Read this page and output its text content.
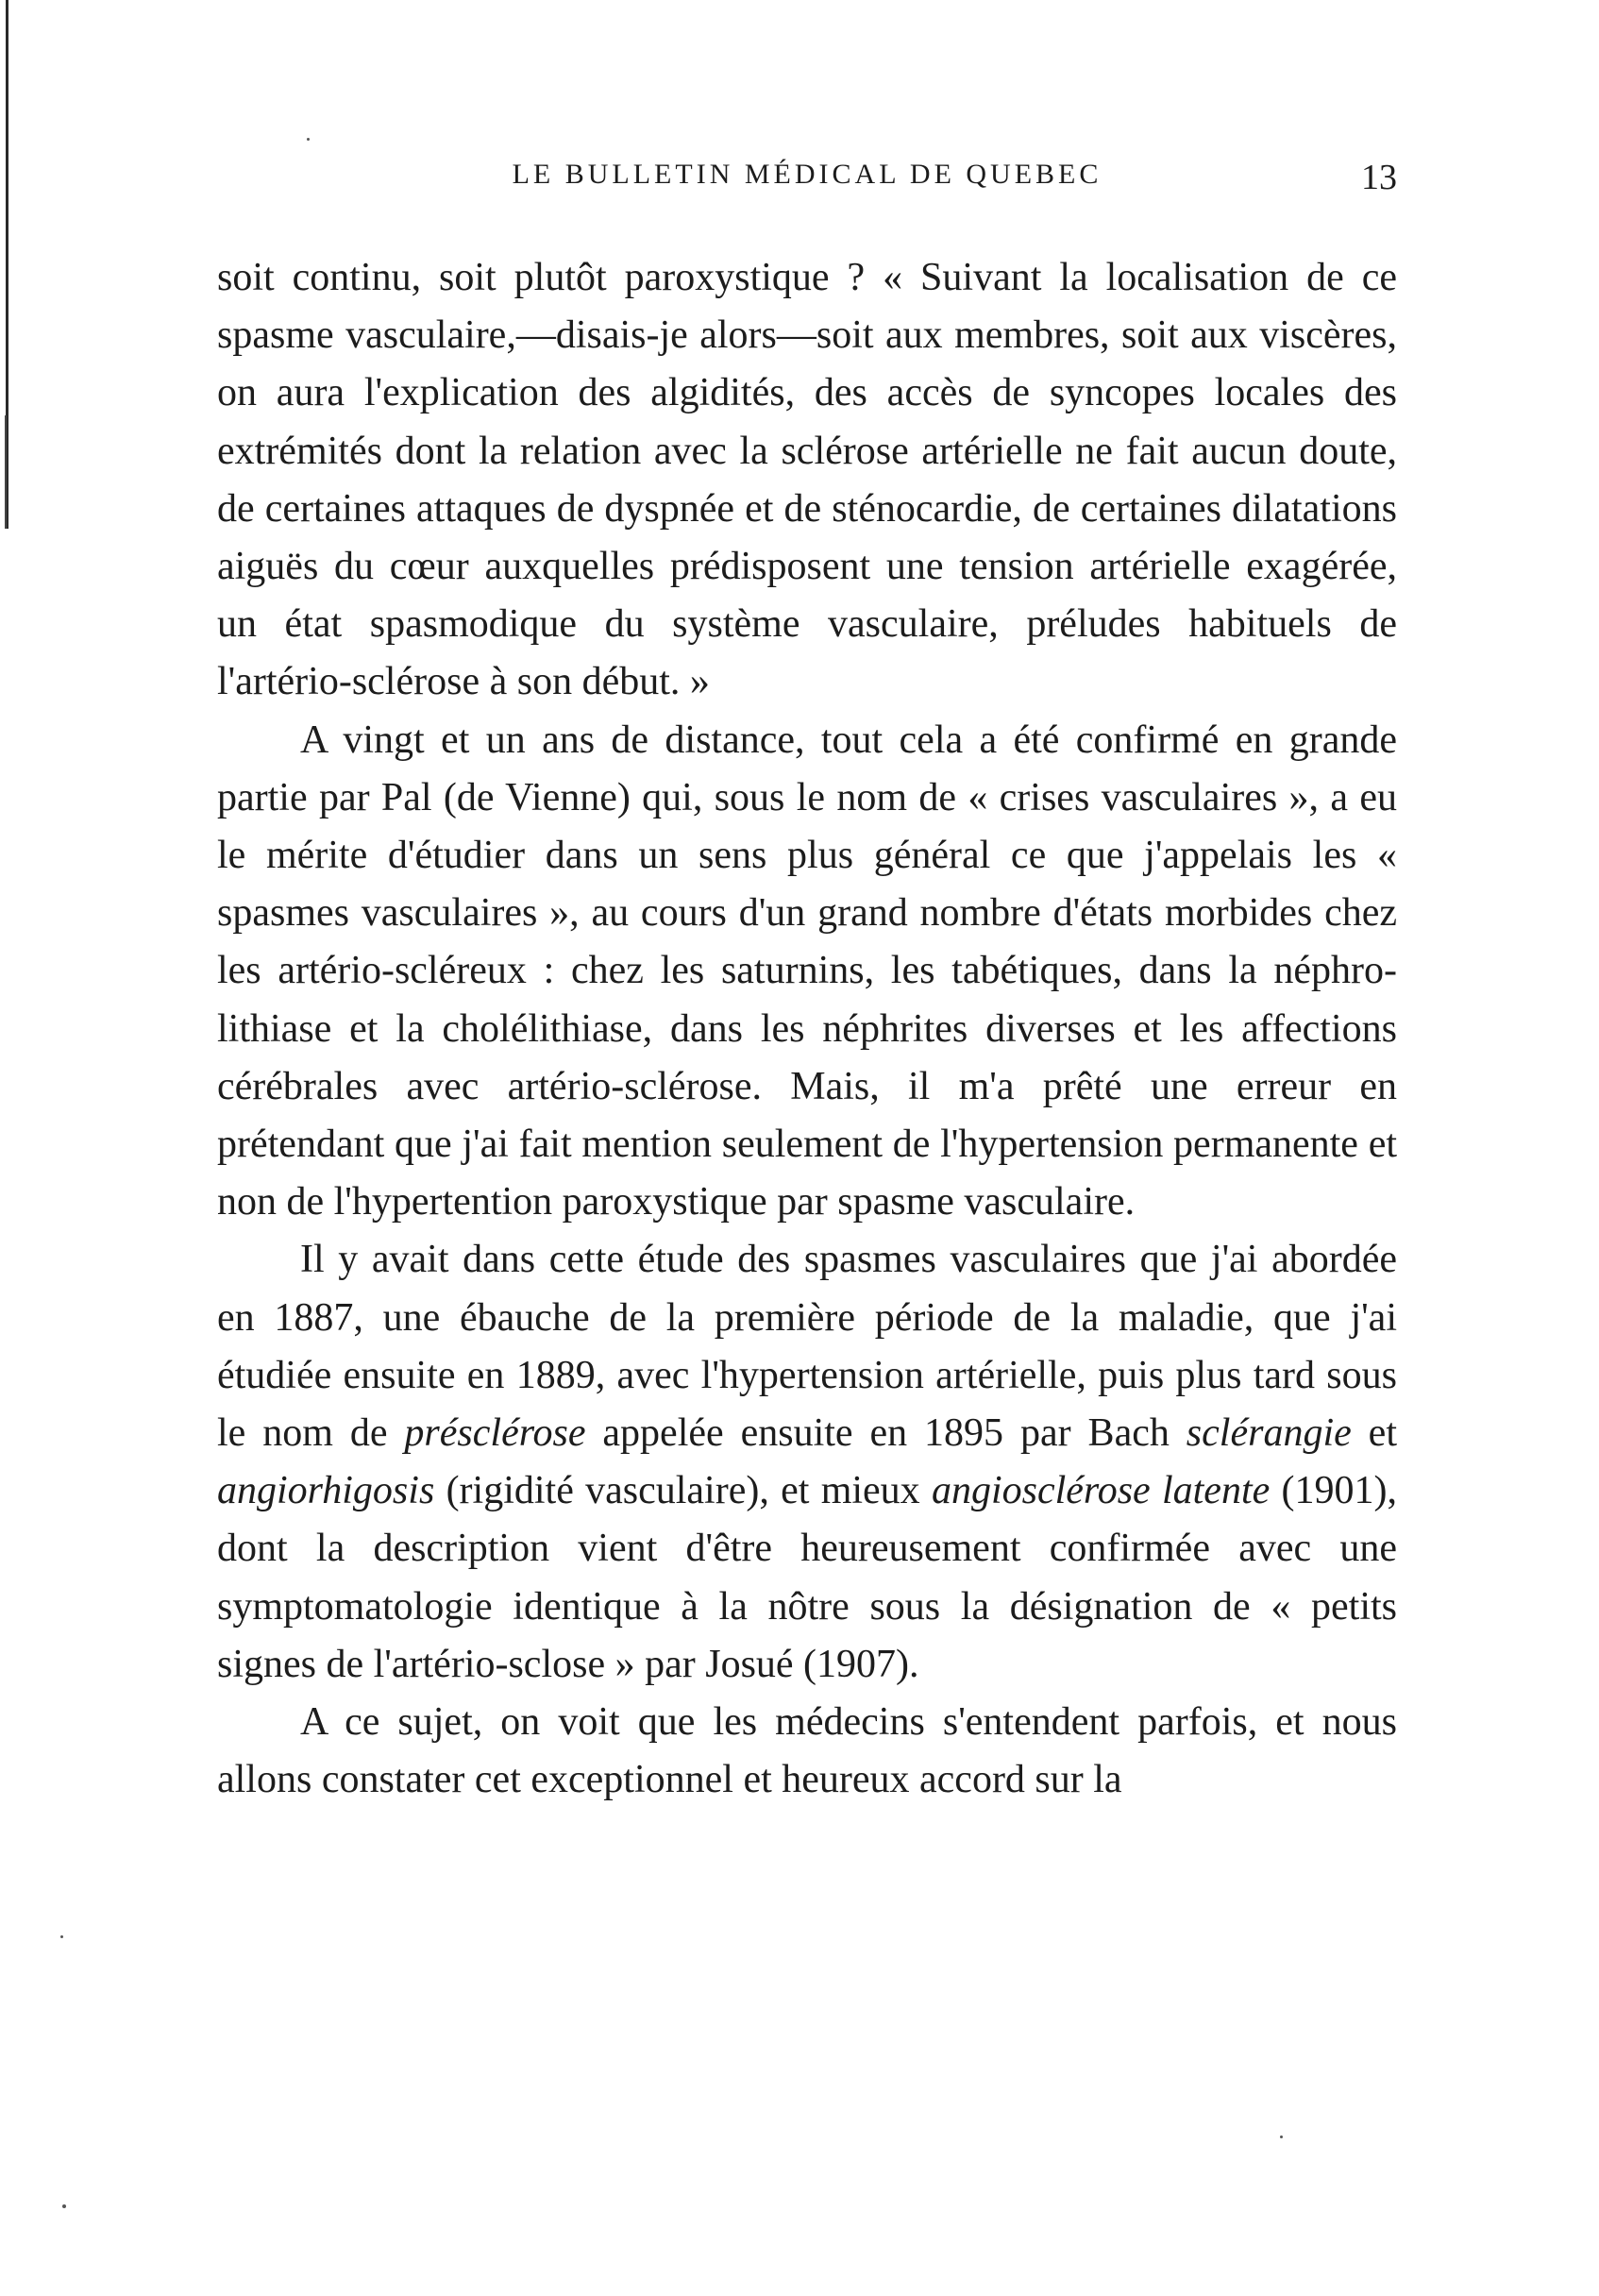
LE BULLETIN MÉDICAL DE QUEBEC	13

soit continu, soit plutôt paroxystique ? « Suivant la localisation de ce spasme vasculaire,—disais-je alors—soit aux membres, soit aux viscères, on aura l'explication des algidités, des accès de syncopes locales des extrémités dont la relation avec la sclérose artérielle ne fait aucun doute, de certaines attaques de dyspnée et de sténocardie, de certaines dilatations aiguës du cœur auxquelles prédisposent une tension artérielle exagérée, un état spasmodique du système vasculaire, préludes habituels de l'artério-sclérose à son début. »

A vingt et un ans de distance, tout cela a été confirmé en grande partie par Pal (de Vienne) qui, sous le nom de « crises vasculaires », a eu le mérite d'étudier dans un sens plus général ce que j'appelais les « spasmes vasculaires », au cours d'un grand nombre d'états morbides chez les artério-scléreux : chez les saturnins, les tabétiques, dans la néphro-lithiase et la cholélithiase, dans les néphrites diverses et les affections cérébrales avec artério-sclérose. Mais, il m'a prêté une erreur en prétendant que j'ai fait mention seulement de l'hypertension permanente et non de l'hypertention paroxystique par spasme vasculaire.

Il y avait dans cette étude des spasmes vasculaires que j'ai abordée en 1887, une ébauche de la première période de la maladie, que j'ai étudiée ensuite en 1889, avec l'hypertension artérielle, puis plus tard sous le nom de présclérose appelée ensuite en 1895 par Bach sclérangie et angiorhigosis (rigidité vasculaire), et mieux angiosclérose latente (1901), dont la description vient d'être heureusement confirmée avec une symptomatologie identique à la nôtre sous la désignation de « petits signes de l'artério-sclose » par Josué (1907).

A ce sujet, on voit que les médecins s'entendent parfois, et nous allons constater cet exceptionnel et heureux accord sur la
